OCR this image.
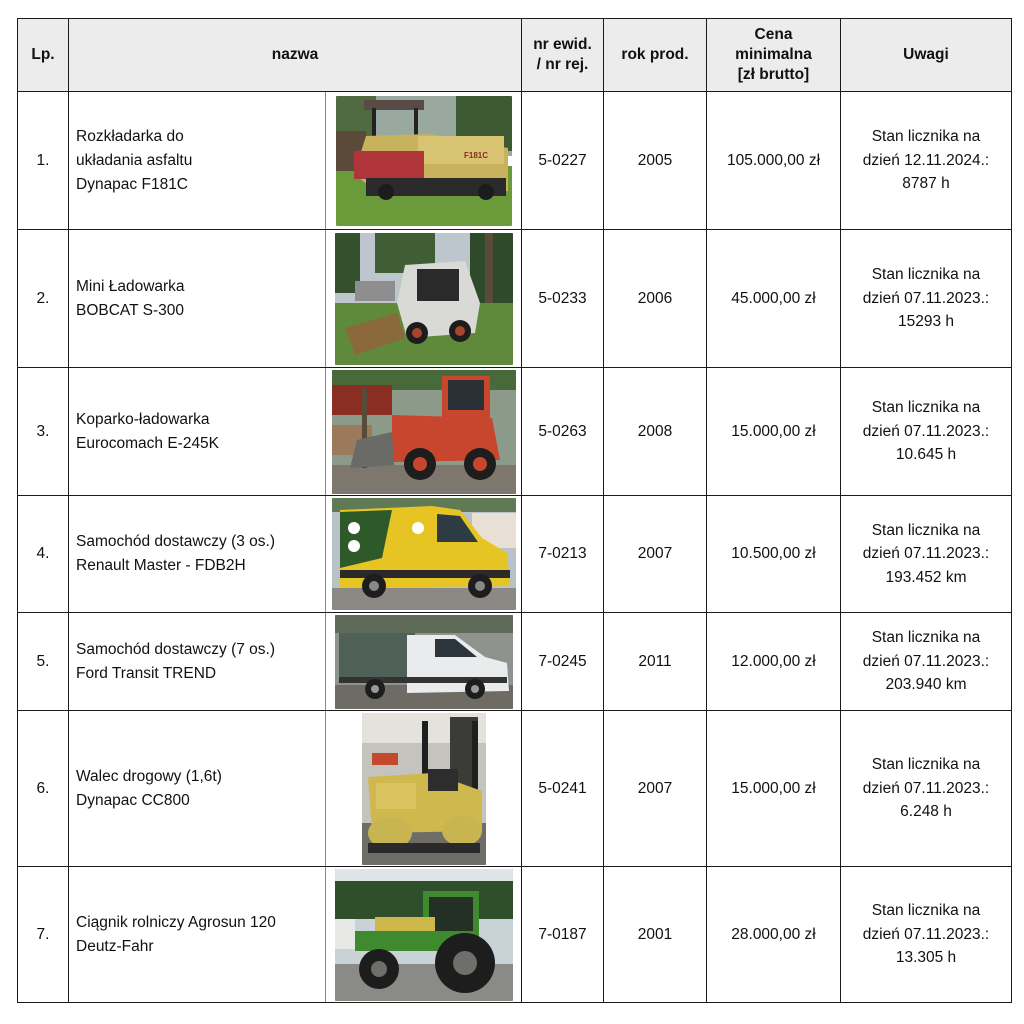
Lp.	nazwa		nr ewid.
/ nr rej.	rok prod.	Cena
minimalna
[zł brutto]	Uwagi
1.	Rozkładarka do
układania asfaltu
Dynapac F181C	F181C	5-0227	2005	105.000,00 zł	Stan licznika na
dzień 12.11.2024.:
8787 h

2.	Mini Ładowarka
BOBCAT S-300		5-0233	2006	45.000,00 zł	Stan licznika na
dzień 07.11.2023.:
15293 h

3.	Koparko-ładowarka
Eurocomach E-245K		5-0263	2008	15.000,00 zł	Stan licznika na
dzień 07.11.2023.:
10.645 h

4.	Samochód dostawczy (3 os.)
Renault Master - FDB2H		7-0213	2007	10.500,00 zł	Stan licznika na
dzień 07.11.2023.:
193.452 km

5.	Samochód dostawczy (7 os.)
Ford Transit TREND		7-0245	2011	12.000,00 zł	Stan licznika na
dzień 07.11.2023.:
203.940 km

6.	Walec drogowy (1,6t)
Dynapac CC800		5-0241	2007	15.000,00 zł	Stan licznika na
dzień 07.11.2023.:
6.248 h

7.	Ciągnik rolniczy Agrosun 120
Deutz-Fahr		7-0187	2001	28.000,00 zł	Stan licznika na
dzień 07.11.2023.:
13.305 h
